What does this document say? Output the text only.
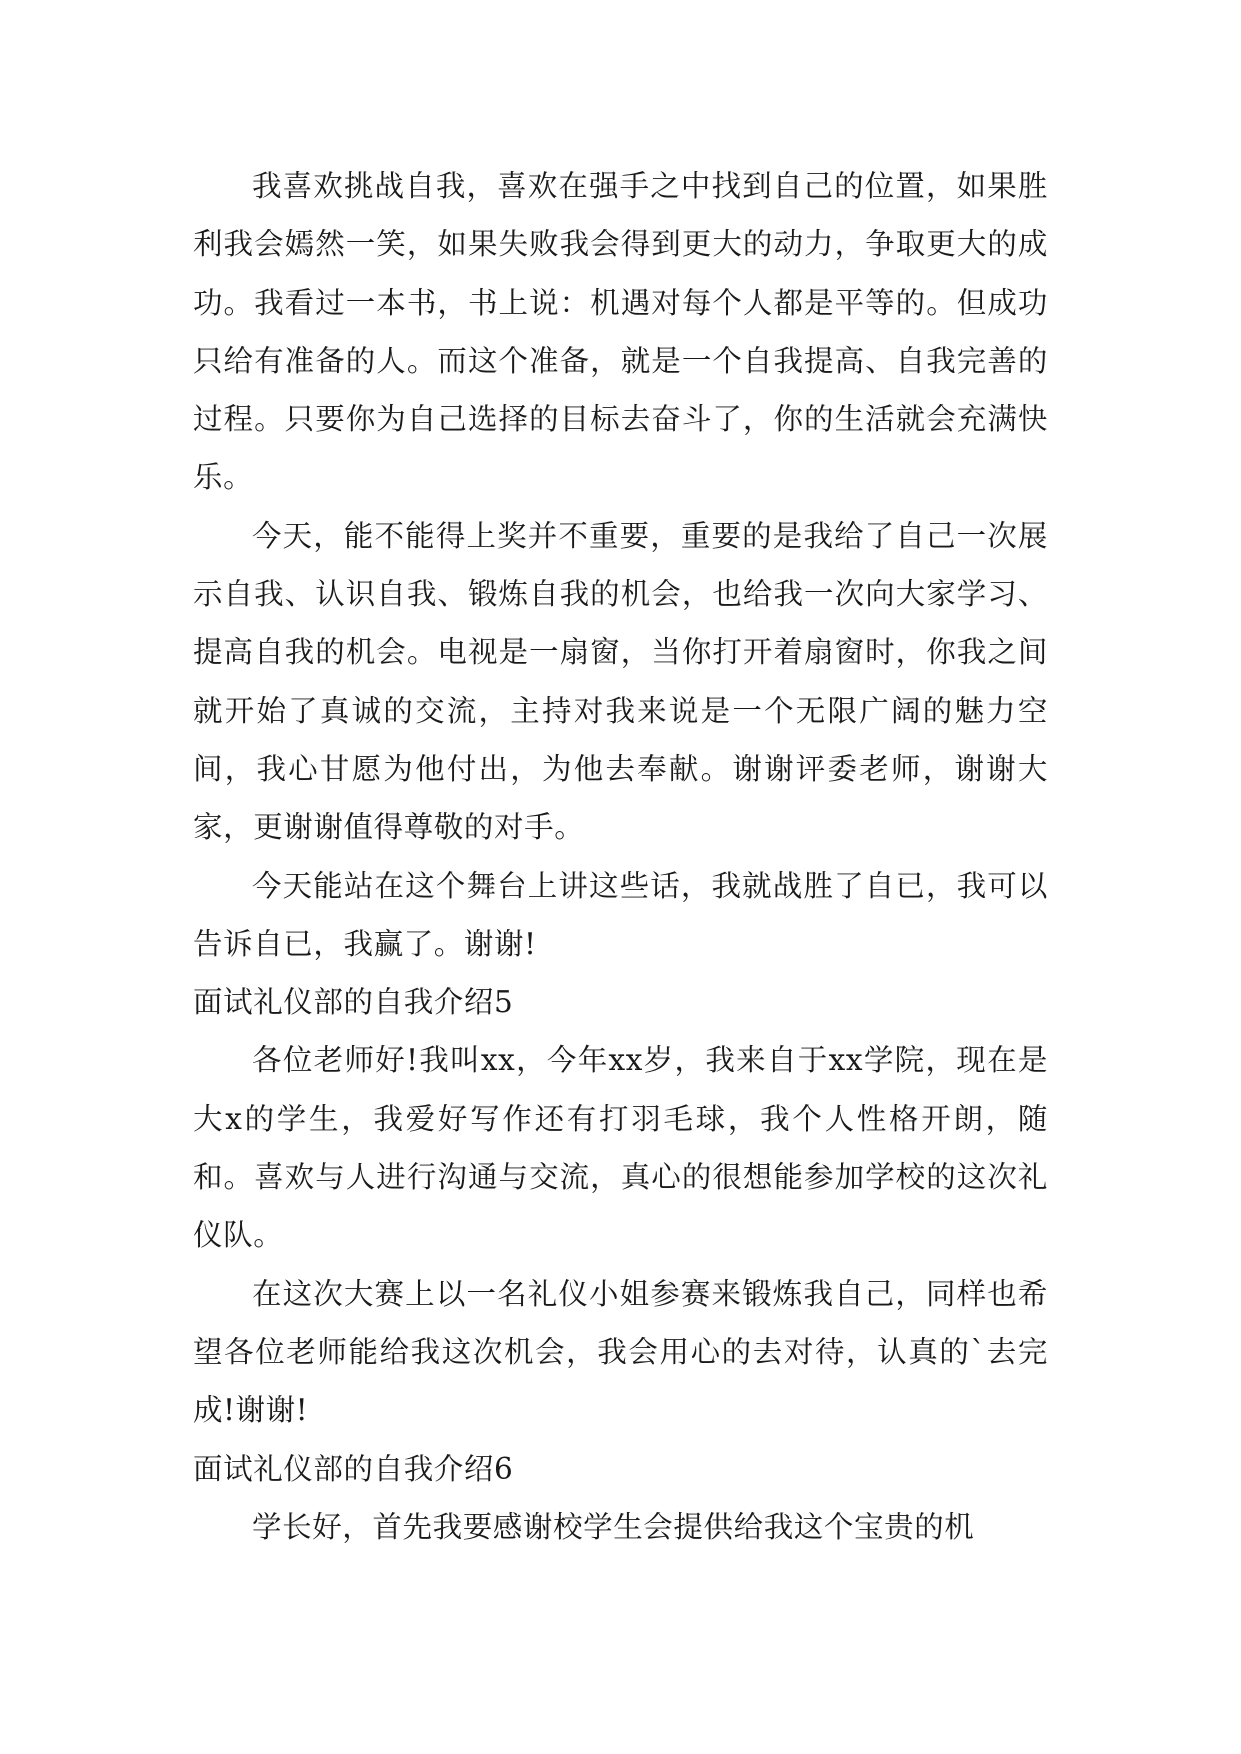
我喜欢挑战自我，喜欢在强手之中找到自己的位置，如果胜利我会嫣然一笑，如果失败我会得到更大的动力，争取更大的成功。我看过一本书，书上说：机遇对每个人都是平等的。但成功只给有准备的人。而这个准备，就是一个自我提高、自我完善的过程。只要你为自己选择的目标去奋斗了，你的生活就会充满快乐。

今天，能不能得上奖并不重要，重要的是我给了自己一次展示自我、认识自我、锻炼自我的机会，也给我一次向大家学习、提高自我的机会。电视是一扇窗，当你打开着扇窗时，你我之间就开始了真诚的交流，主持对我来说是一个无限广阔的魅力空间，我心甘愿为他付出，为他去奉献。谢谢评委老师，谢谢大家，更谢谢值得尊敬的对手。

今天能站在这个舞台上讲这些话，我就战胜了自已，我可以告诉自已，我赢了。谢谢!

面试礼仪部的自我介绍5

各位老师好!我叫xx，今年xx岁，我来自于xx学院，现在是大x的学生，我爱好写作还有打羽毛球，我个人性格开朗，随和。喜欢与人进行沟通与交流，真心的很想能参加学校的这次礼仪队。

在这次大赛上以一名礼仪小姐参赛来锻炼我自己，同样也希望各位老师能给我这次机会，我会用心的去对待，认真的`去完成!谢谢!

面试礼仪部的自我介绍6

学长好，首先我要感谢校学生会提供给我这个宝贵的机
